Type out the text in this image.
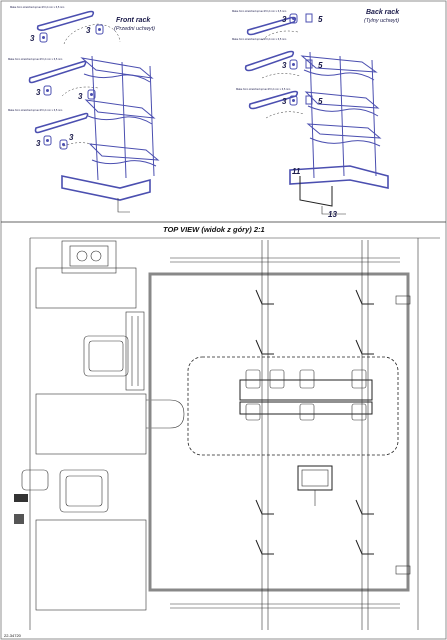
3
3
3	3
3
3
Make from stretched sprue Ø 0,2 mm x 6,5 mm
Make from stretched sprue Ø 0,2 mm x 6,5 mm
Make from stretched sprue Ø 0,2 mm x 6,5 mm
Front rack
(Przedni uchwyt)
3	5
3	5
3	5
11
13
Make from stretched sprue Ø 0,2 mm x 6,5 mm
Make from stretched sprue Ø 0,2 mm x 6,5 mm
Make from stretched sprue Ø 0,2 mm x 6,5 mm
Back rack
(Tylny uchwyt)
TOP VIEW (widok z góry) 2:1
22-34720
